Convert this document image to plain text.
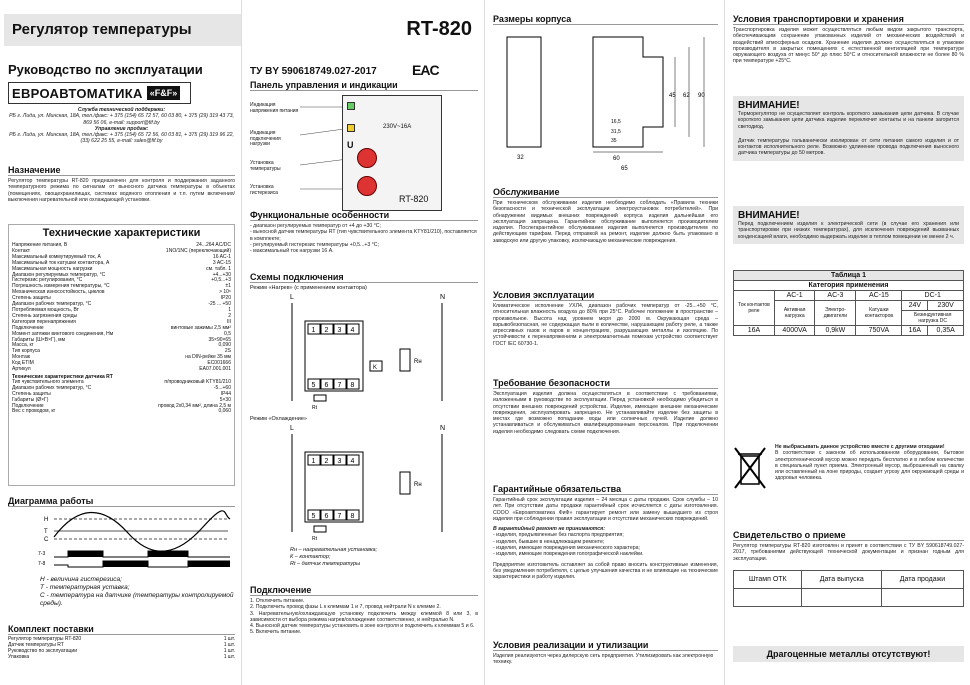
Регулятор температуры
Руководство по эксплуатации
ЕВРОАВТОМАТИКА «F&F»
Служба технической поддержки:
РБ г. Лида, ул. Минская, 18А, тел./факс: + 375 (154) 65 72 57, 60 03 80, + 375 (29) 319 43 73, 869 56 06, e-mail: support@fif.by
Управление продаж:
РБ г. Лида, ул. Минская, 18А, тел./факс: + 375 (154) 65 72 56, 60 03 81, + 375 (29) 319 96 22, (33) 622 25 55, e-mail: sales@fif.by
Назначение
Регулятор температуры RT-820 предназначен для контроля и поддержания заданного температурного режима по сигналам от выносного датчика температуры в объектах (помещениях, овощехранилищах, системах водяного отопления и т.п. путем включения/выключения нагревательной или охлаждающей установки.
Технические характеристики
Напряжение питания, В	24...264 AC/DC
Контакт	1NO/1NC (переключающий)
Максимальный коммутируемый ток, А	16 AC-1
Максимальный ток катушки контактора, А	3 AC-15
Максимальная мощность нагрузки	см. табл. 1
Диапазон регулируемых температур, °С	+4...+30
Гистерезис регулирования, °С	+0,5...+3
Погрешность измерения температуры, °С	±1
Механическая износостойкость, циклов	> 10⁶
Степень защиты	IP20
Диапазон рабочих температур, °С	-25 ... +50
Потребляемая мощность, Вт	1
Степень загрязнения среды	2
Категория перенапряжения	III
Подключение	винтовые зажимы 2,5 мм²
Момент затяжки винтового соединения, Нм	0,5
Габариты (Ш×В×Г), мм	35×90×65
Масса, кг	0,090
Тип корпуса	2S
Монтаж	на DIN-рейке 35 мм
Код ETIM	EC001666
Артикул	EA07.001.001
Технические характеристики датчика RT
Тип чувствительного элемента	п/проводниковый KTY81/210
Диапазон рабочих температур, °С	-5...+60
Степень защиты	IP44
Габариты (Ø×Г)	5×30
Подключение	провод 2х0,34 мм², длина 2,5 м
Вес с проводом, кг	0,060
Диаграмма работы
H
T
C
7-3
7-8
H - величина гистерезиса;
T - температурная уставка;
C - температура на датчике (температуры контролируемой среды).
Комплект поставки
Регулятор температуры RT-820	1 шт.
Датчик температуры RT	1 шт.
Руководство по эксплуатации	1 шт.
Упаковка	1 шт.
RT-820
ТУ BY 590618749.027-2017	EAC
Панель управления и индикации
Индикация напряжения питания
Индикация подключения нагрузки
Установка температуры
Установка гистерезиса
U
230V~16A
RT-820
Функциональные особенности
- диапазон регулируемых температур от +4 до +30 °С;
- выносной датчик температуры RT (тип чувствительного элемента KTY81/210), поставляется в комплекте;
- регулируемый гистерезис температуры +0,5...+3 °С;
- максимальный ток нагрузки 16 А.
Схемы подключения
Режим «Нагрев» (с применением контактора)
L	N
1 2 3 4
5 6 7 8
Rн
K
Rt
Режим «Охлаждение»
L	N
1 2 3 4
5 6 7 8
Rн
Rt
Rн – нагревательная установка;
К – контактор;
Rt – датчик температуры
Подключение
1. Отключить питание.
2. Подключить провод фазы L к клеммам 1 и 7, провод нейтрали N к клемме 2.
3. Нагревательную/охлаждающую установку подключить между клеммой 8 или 3, в зависимости от выбора режима нагрев/охлаждение соответственно, и нейтралью N.
4. Выносной датчик температуры установить в зоне контроля и подключить к клеммам 5 и 6.
5. Включить питание.
Размеры корпуса
32
65
60
35
31,5
16,5
45 62 90
Обслуживание
При техническом обслуживании изделия необходимо соблюдать «Правила техники безопасности и технической эксплуатации электроустановок потребителей». При обнаружении видимых внешних повреждений корпуса изделия дальнейшая его эксплуатация запрещена. Гарантийное обслуживание выполняется производителем изделия. Послегарантийное обслуживание изделия выполняется производителем по действующим тарифам. Перед отправкой на ремонт, изделие должно быть упаковано в заводскую или другую упаковку, исключающую механические повреждения.
Условия эксплуатации
Климатическое исполнение УХЛ4, диапазон рабочих температур от -25...+50 °С, относительная влажность воздуха до 80% при 25°С. Рабочее положение в пространстве – произвольное. Высота над уровнем моря до 2000 м. Окружающая среда – взрывобезопасная, не содержащая пыли в количестве, нарушающем работу реле, а также агрессивных газов и паров в концентрациях, разрушающих металлы и изоляцию. По устойчивости к перенапряжениям и электромагнитным помехам устройство соответствует ГОСТ IEC 60730-1.
Требование безопасности
Эксплуатация изделия должна осуществляться в соответствии с требованиями, изложенными в руководстве по эксплуатации. Перед установкой необходимо убедиться в отсутствии внешних повреждений устройства. Изделие, имеющее внешние механические повреждения, эксплуатировать запрещено. Не устанавливайте изделие без защиты в местах где возможно попадание воды или солнечных лучей. Изделие должно устанавливаться и обслуживаться квалифицированным персоналом. При подключении изделия необходимо следовать схеме подключения.
Гарантийные обязательства
Гарантийный срок эксплуатации изделия – 24 месяца с даты продажи. Срок службы – 10 лет. При отсутствии даты продажи гарантийный срок исчисляется с даты изготовления. СООО «Евроавтоматика ФиФ» гарантирует ремонт или замену вышедшего из строя изделия при соблюдении правил эксплуатации и отсутствии механических повреждений.
В гарантийный ремонт не принимаются:
- изделия, предъявленные без паспорта предприятия;
- изделия, бывшие в ненадлежащем ремонте;
- изделия, имеющие повреждения механического характера;
- изделия, имеющие повреждения голографической наклейки.
Предприятие изготовитель оставляет за собой право вносить конструктивные изменения, без уведомления потребителя, с целью улучшения качества и не влияющие на технические характеристики и работу изделия.
Условия реализации и утилизации
Изделия реализуются через дилерскую сеть предприятия. Утилизировать как электронную технику.
Условия транспортировки и хранения
Транспортировка изделия может осуществляться любым видом закрытого транспорта, обеспечивающим сохранение упакованных изделий от механических воздействий и воздействий атмосферных осадков. Хранение изделия должно осуществляться в упаковке производителя в закрытых помещениях с естественной вентиляцией при температуре окружающего воздуха от минус 50° до плюс 50°С и относительной влажности не более 80 % при температуре +25°С.
ВНИМАНИЕ!
Терморегулятор не осуществляет контроль короткого замыкания цепи датчика. В случае короткого замыкания цепи датчика изделие переключит контакты и на панели загорится светодиод.
Датчик температуры гальванически изолирован от сети питания самого изделия и от контактов исполнительного реле. Возможно удлинение провода подключения выносного датчика температуры до 50 метров.
ВНИМАНИЕ!
Перед подключением изделия к электрической сети (в случае его хранения или транспортировки при низких температурах), для исключения повреждений вызванных конденсацией влаги, необходимо выдержать изделие в теплом помещении не менее 2 ч.
Таблица 1					
Категория применения					
Ток контактов реле	AC-1	AC-3	AC-15	DC-1	
	Активная нагрузка	Электро-двигатели	Катушки контакторов	24V	230V
				Безиндуктивная нагрузка DC	
16A	4000VA	0,9kW	750VA	16A	0,35A
Не выбрасывать данное устройство вместе с другими отходами!
В соответствии с законом об использованном оборудовании, бытовое электротехнический мусор можно передать бесплатно и в любом количестве в специальный пункт приема. Электронный мусор, выброшенный на свалку или оставленный на лоне природы, создает угрозу для окружающей среды и здоровья человека.
Свидетельство о приеме
Регулятор температуры RT-820 изготовлен и принят в соответствии с ТУ BY 590618749.027-2017, требованиями действующей технической документации и признан годным для эксплуатации.
Штамп ОТК	Дата выпуска	Дата продажи

Драгоценные металлы отсутствуют!
